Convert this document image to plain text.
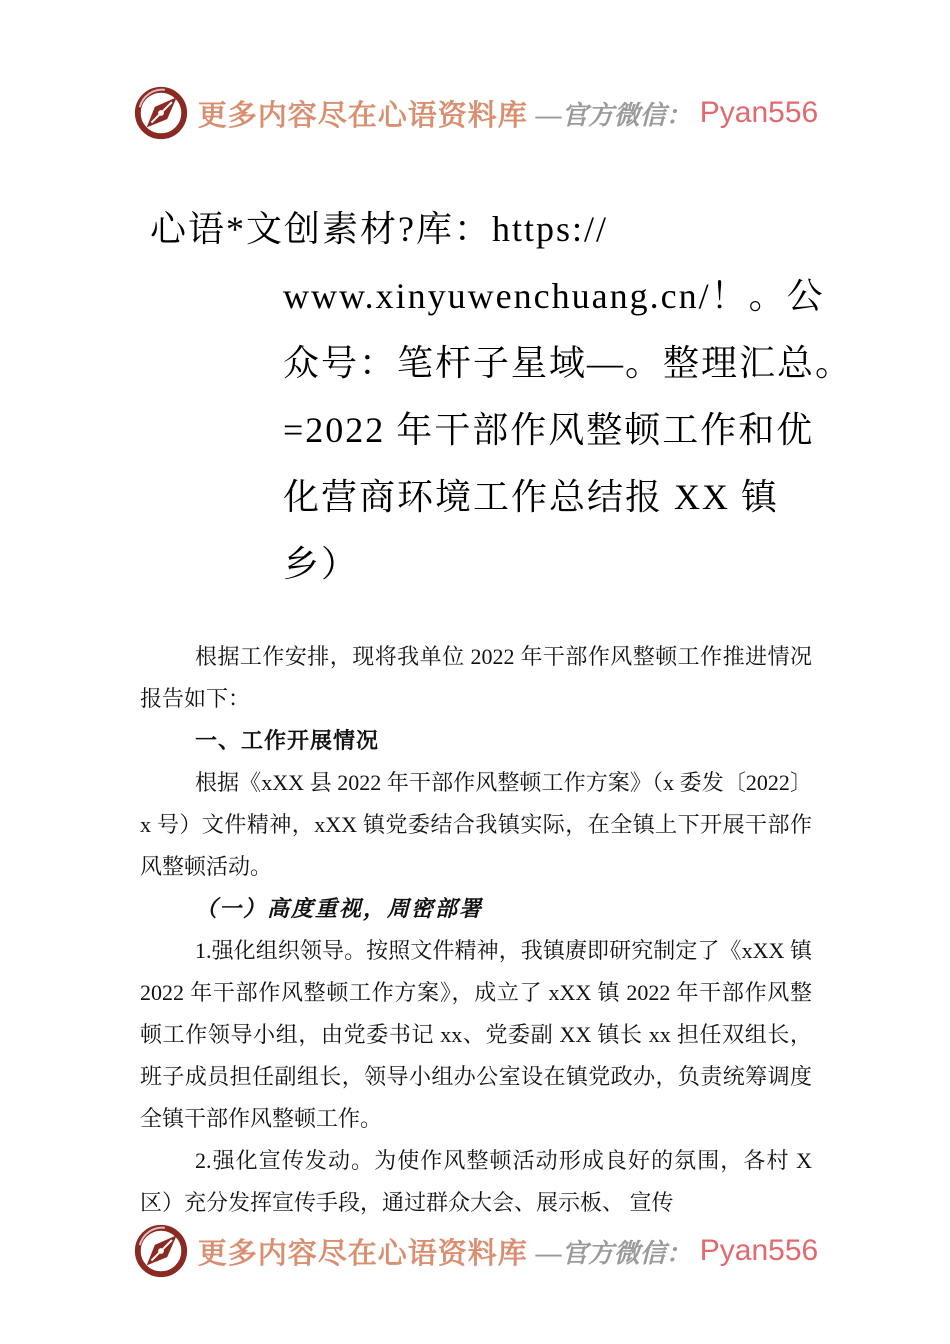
更多内容尽在心语资料库 —官方微信： Pyan556
心语*文创素材?库：https://
www.xinyuwenchuang.cn/！。公
众号：笔杆子星域—。整理汇总。
=2022 年干部作风整顿工作和优
化营商环境工作总结报 XX 镇
乡）

根据工作安排，现将我单位 2022 年干部作风整顿工作推进情况报告如下：

一、工作开展情况

根据《xXX 县 2022 年干部作风整顿工作方案》（x 委发〔2022〕x 号）文件精神，xXX 镇党委结合我镇实际，在全镇上下开展干部作风整顿活动。

（一）高度重视，周密部署

1.强化组织领导。按照文件精神，我镇赓即研究制定了《xXX 镇 2022 年干部作风整顿工作方案》，成立了 xXX 镇 2022 年干部作风整顿工作领导小组，由党委书记 xx、党委副 XX 镇长 xx 担任双组长，班子成员担任副组长，领导小组办公室设在镇党政办，负责统筹调度全镇干部作风整顿工作。

2.强化宣传发动。为使作风整顿活动形成良好的氛围，各村 X 区）充分发挥宣传手段，通过群众大会、展示板、 宣传

更多内容尽在心语资料库 —官方微信： Pyan556
